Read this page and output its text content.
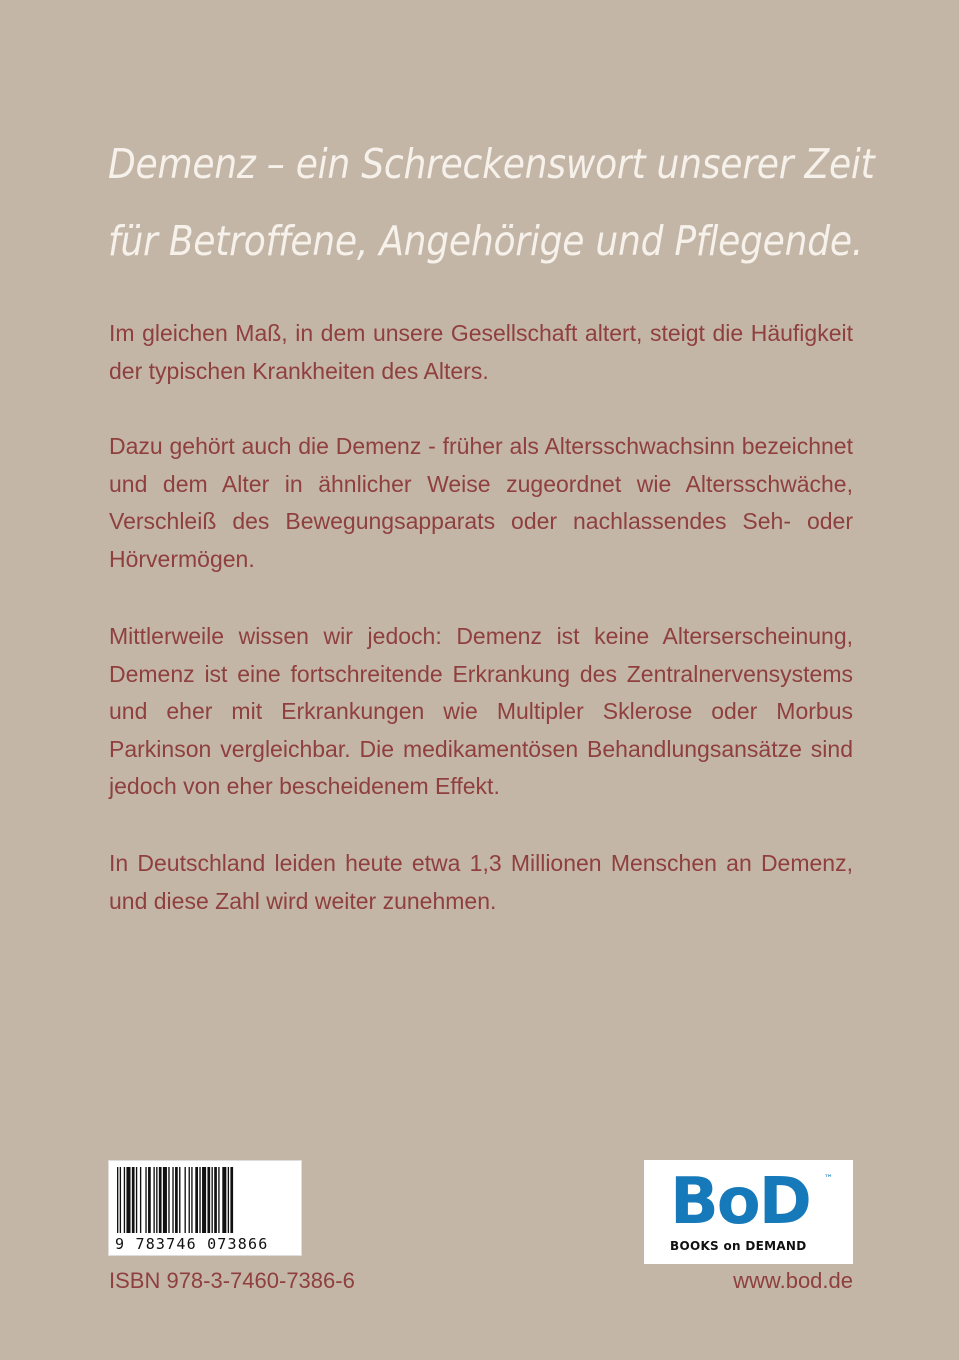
Demenz – ein Schreckenswort unserer Zeit
für Betroffene, Angehörige und Pflegende.

Im gleichen Maß, in dem unsere Gesellschaft altert, steigt die Häufigkeit der typischen Krankheiten des Alters.

Dazu gehört auch die Demenz - früher als Altersschwachsinn bezeichnet und dem Alter in ähnlicher Weise zugeordnet wie Altersschwäche, Verschleiß des Bewegungsapparats oder nachlassendes Seh- oder Hörvermögen.

Mittlerweile wissen wir jedoch: Demenz ist keine Alterserscheinung, Demenz ist eine fortschreitende Erkrankung des Zentralnervensystems und eher mit Erkrankungen wie Multipler Sklerose oder Morbus Parkinson vergleichbar. Die medikamentösen Behandlungsansätze sind jedoch von eher bescheidenem Effekt.

In Deutschland leiden heute etwa 1,3 Millionen Menschen an Demenz, und diese Zahl wird weiter zunehmen.

9 783746 073866
ISBN 978-3-7460-7386-6
BoD ™
BOOKS on DEMAND
www.bod.de
